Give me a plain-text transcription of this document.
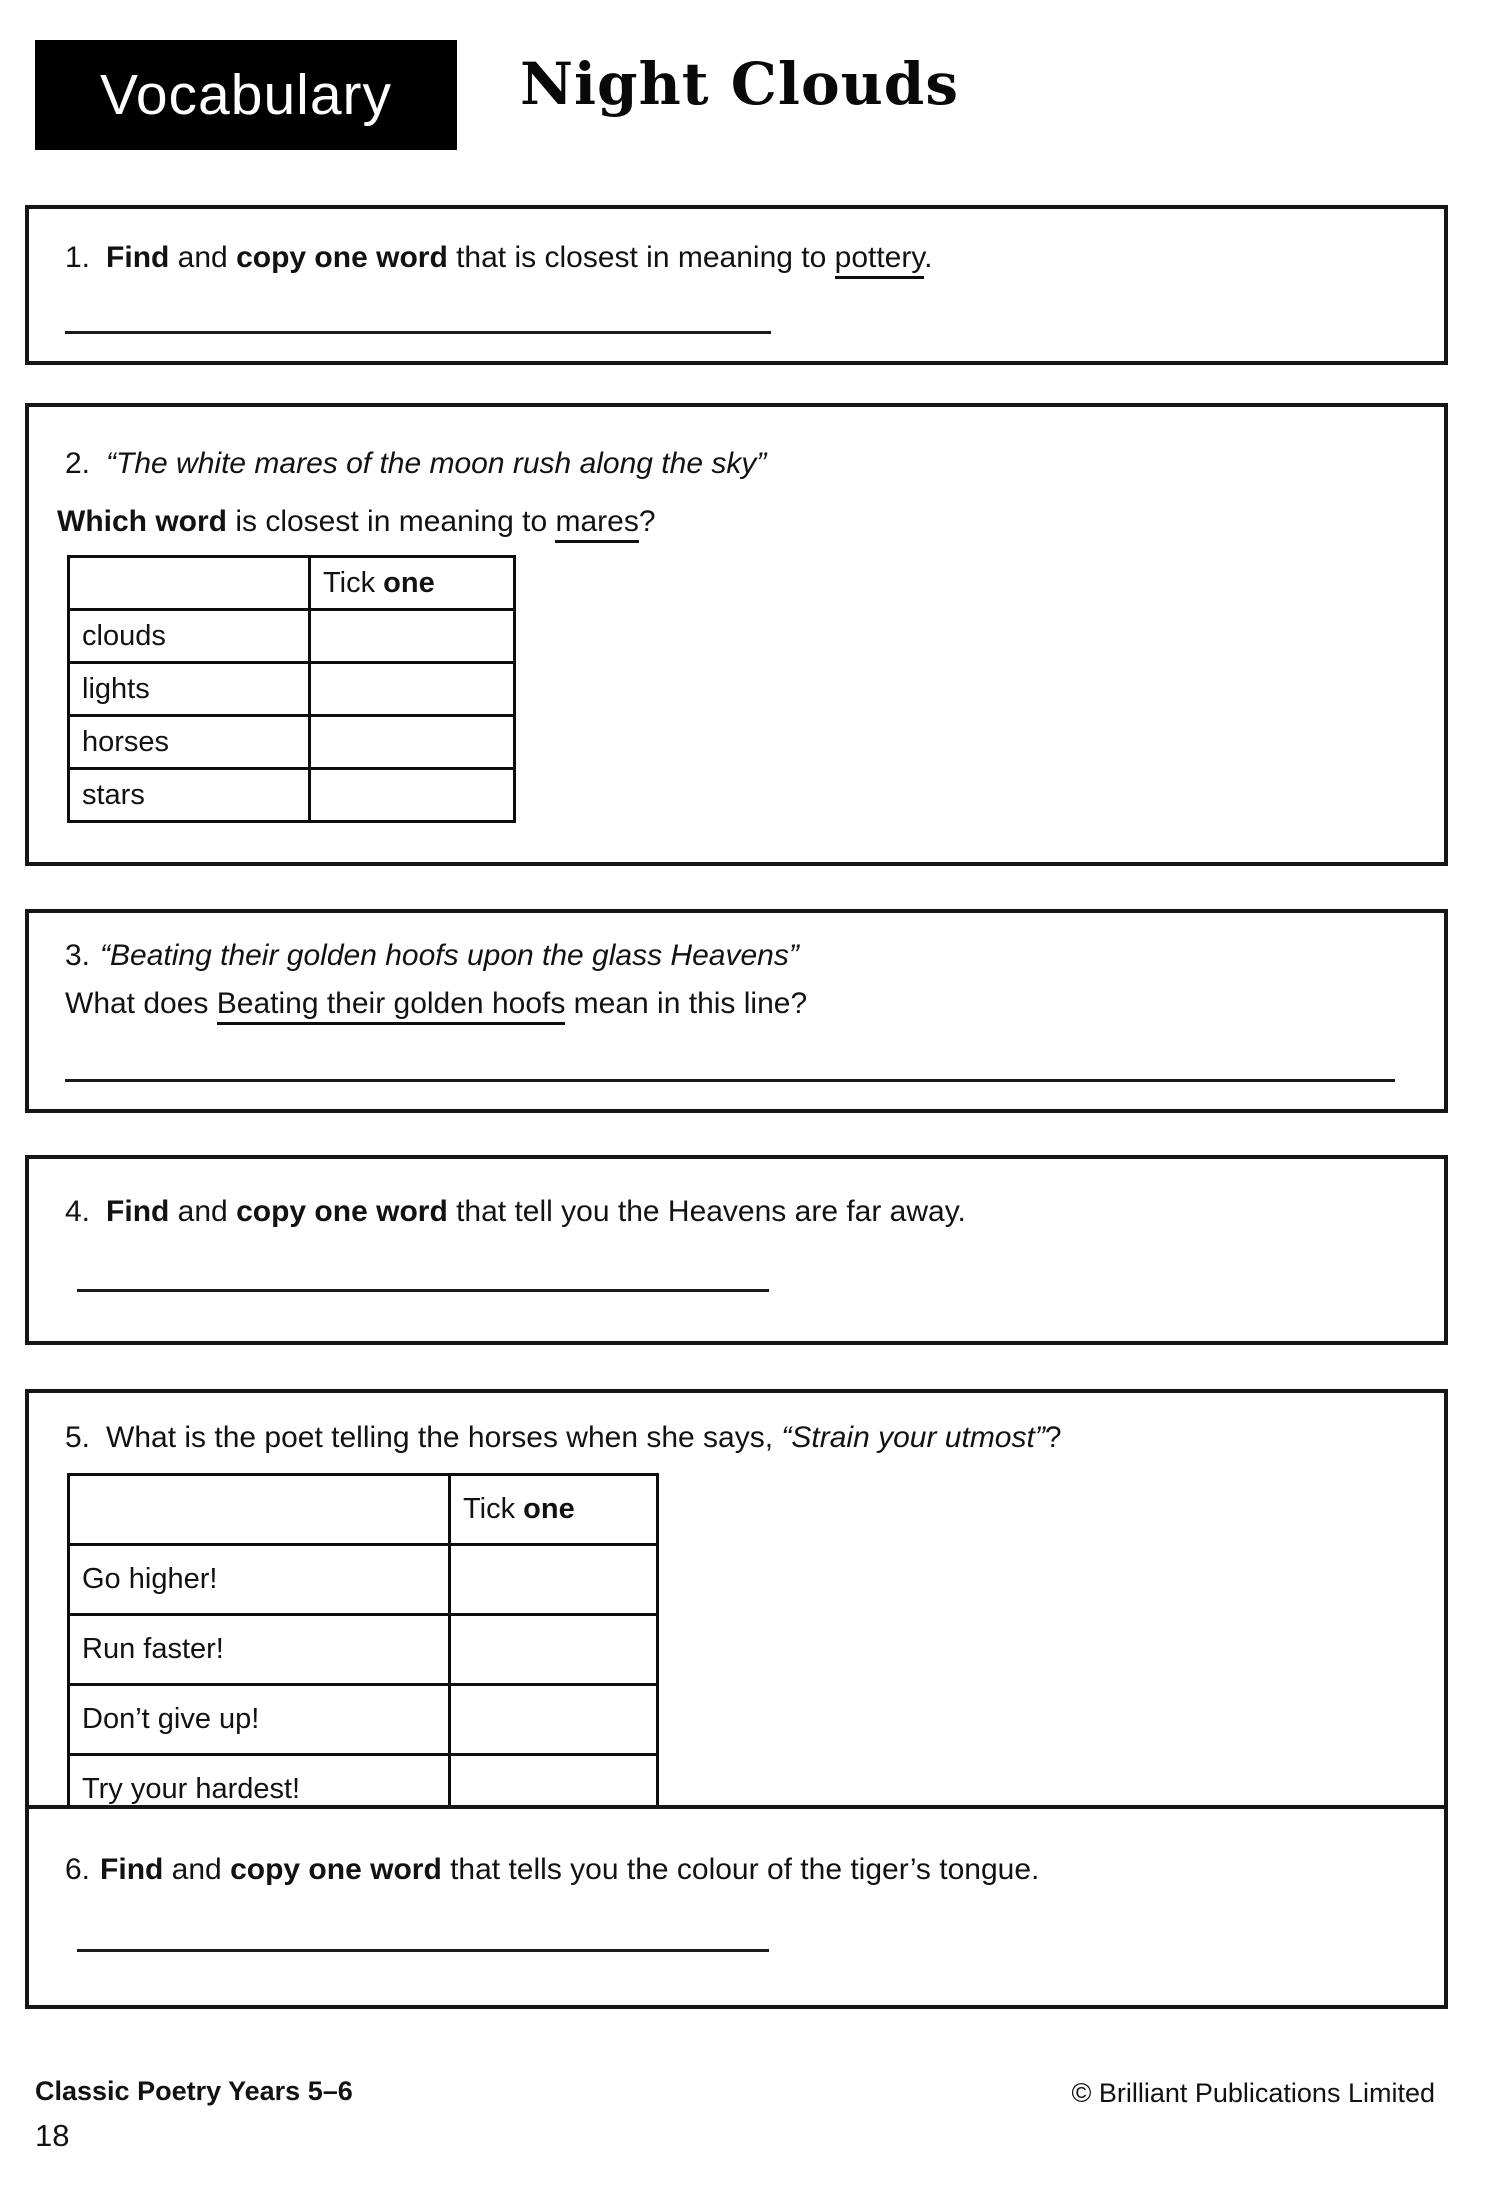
Vocabulary Night Clouds

1. Find and copy one word that is closest in meaning to pottery.

2. “The white mares of the moon rush along the sky”

Which word is closest in meaning to mares?

	Tick one
clouds	
lights	
horses	
stars	

3. “Beating their golden hoofs upon the glass Heavens”

What does Beating their golden hoofs mean in this line?

4. Find and copy one word that tell you the Heavens are far away.

5. What is the poet telling the horses when she says, “Strain your utmost”?

	Tick one
Go higher!	
Run faster!	
Don’t give up!	
Try your hardest!	

6. Find and copy one word that tells you the colour of the tiger’s tongue.

Classic Poetry Years 5–6
18
© Brilliant Publications Limited
